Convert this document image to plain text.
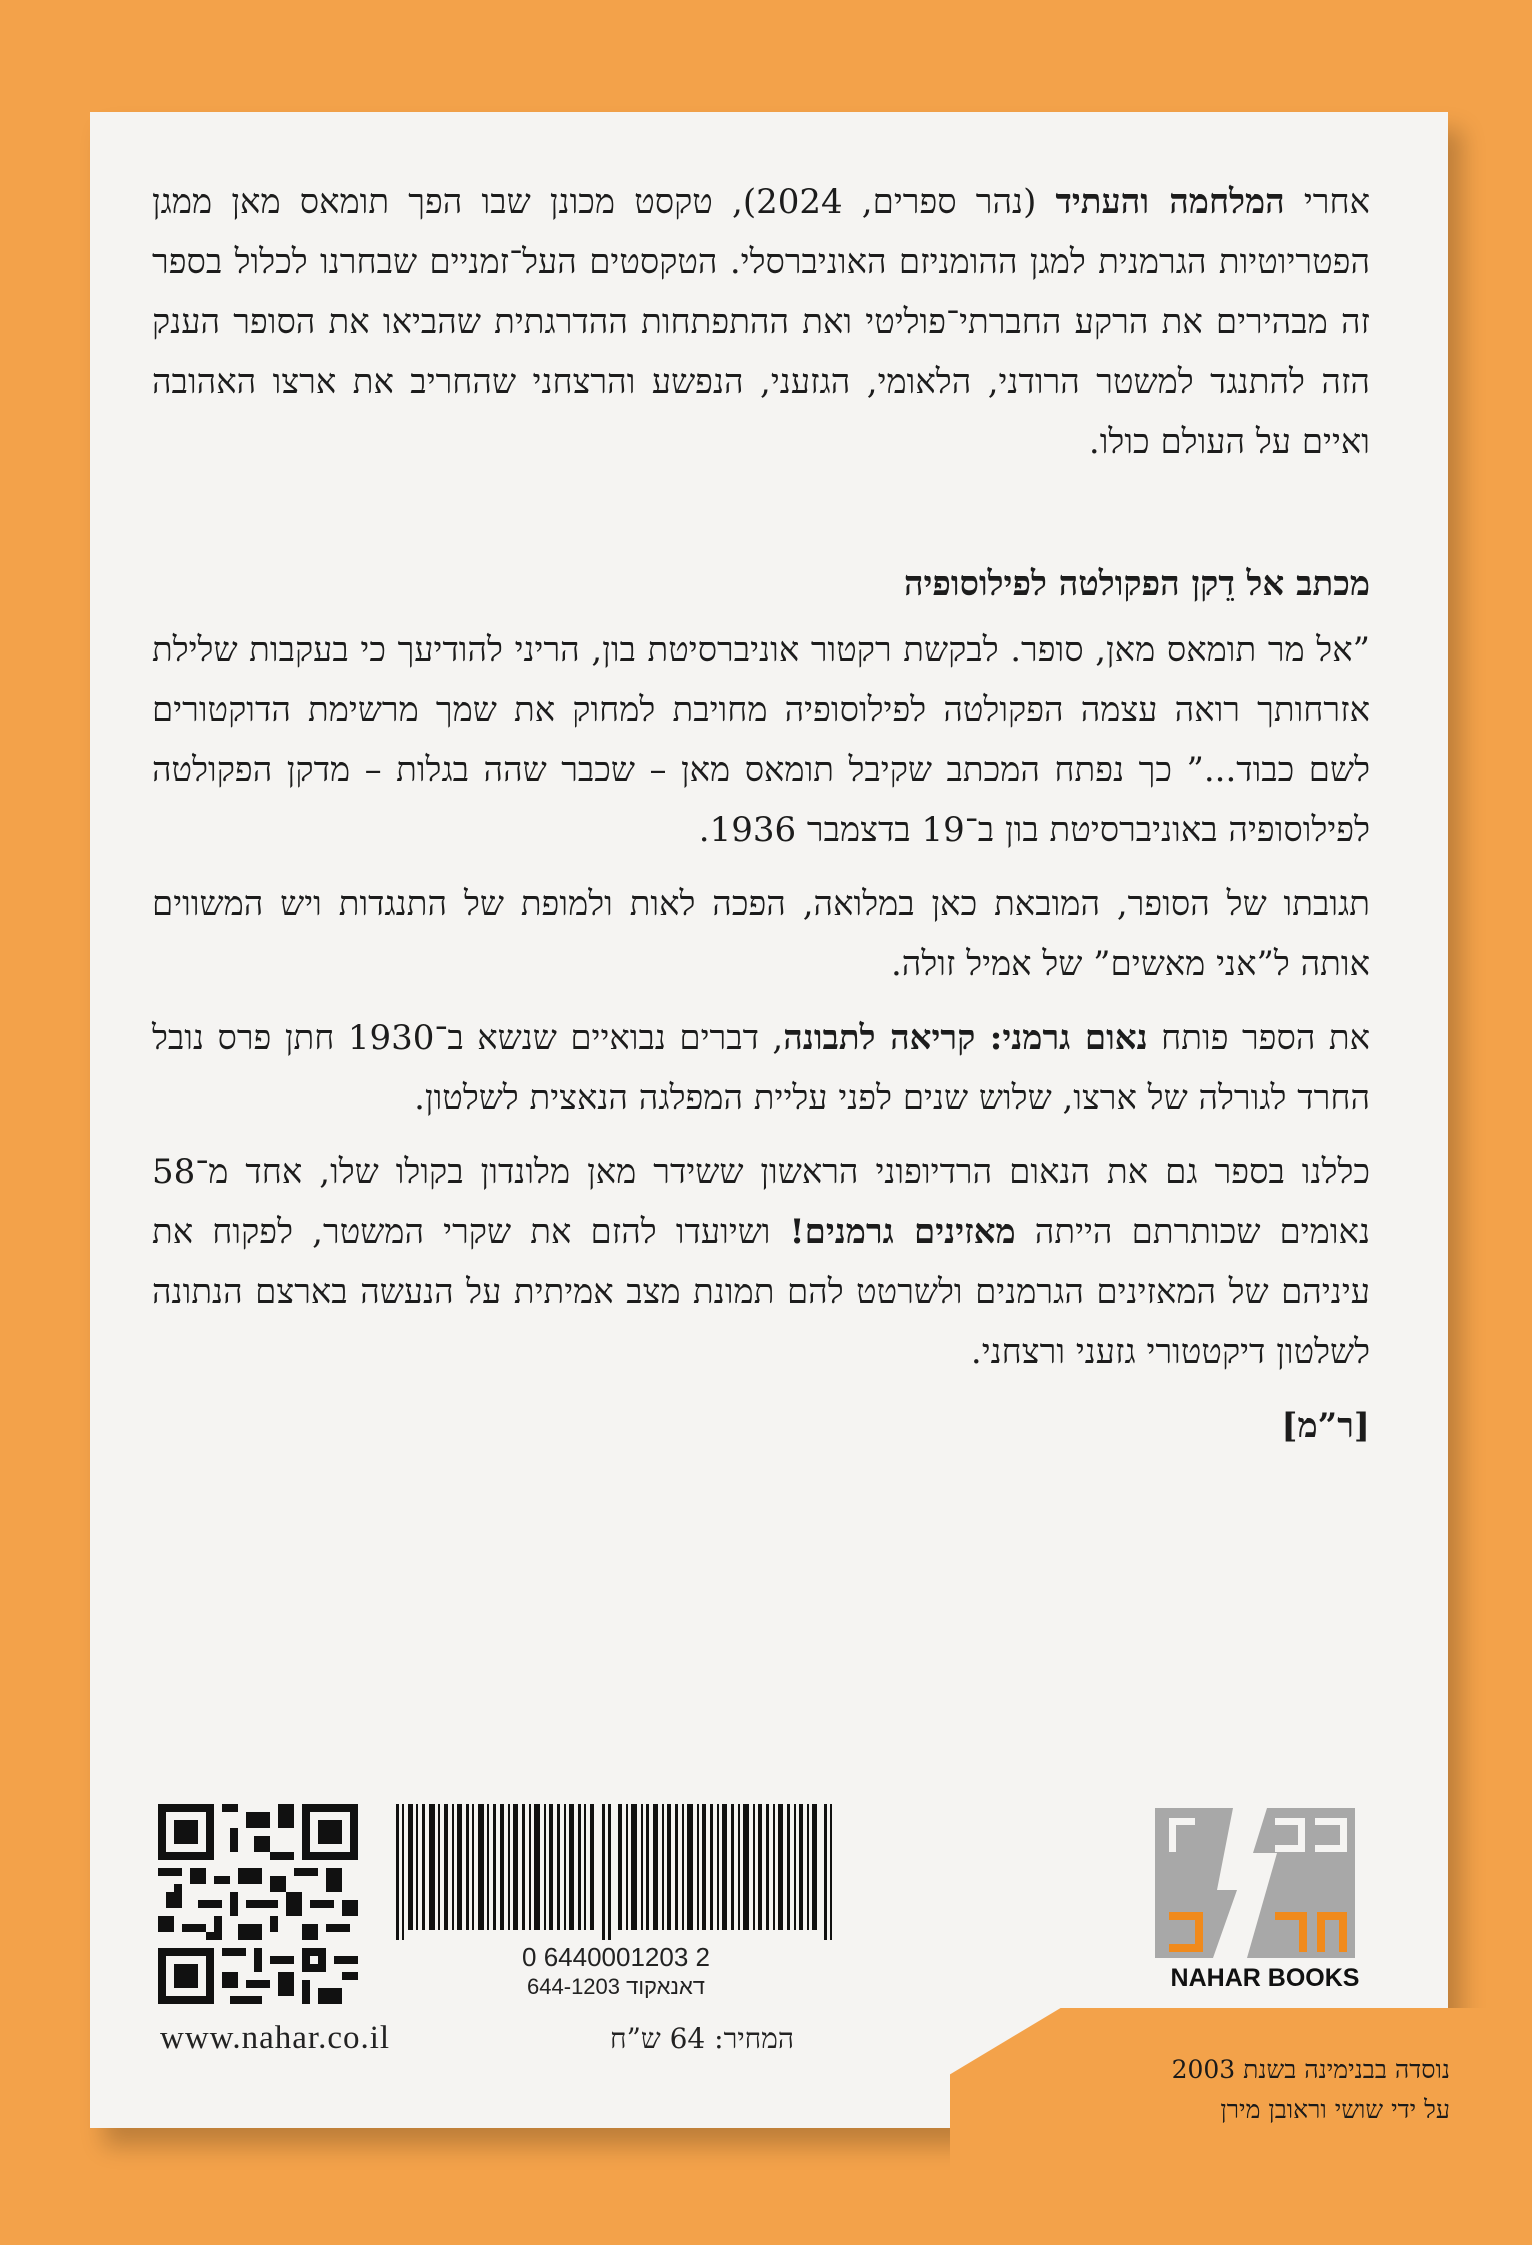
אחרי המלחמה והעתיד (נהר ספרים, 2024), טקסט מכונן שבו הפך תומאס מאן ממגן הפטריוטיות הגרמנית למגן ההומניזם האוניברסלי. הטקסטים העל־זמניים שבחרנו לכלול בספר זה מבהירים את הרקע החברתי־פוליטי ואת ההתפתחות ההדרגתית שהביאו את הסופר הענק הזה להתנגד למשטר הרודני, הלאומי, הגזעני, הנפשע והרצחני שהחריב את ארצו האהובה ואיים על העולם כולו.

מכתב אל דֵקן הפקולטה לפילוסופיה

”אל מר תומאס מאן, סופר. לבקשת רקטור אוניברסיטת בון, הריני להודיעך כי בעקבות שלילת אזרחותך רואה עצמה הפקולטה לפילוסופיה מחויבת למחוק את שמך מרשימת הדוקטורים לשם כבוד...” כך נפתח המכתב שקיבל תומאס מאן – שכבר שהה בגלות – מדקן הפקולטה לפילוסופיה באוניברסיטת בון ב־19 בדצמבר 1936.

תגובתו של הסופר, המובאת כאן במלואה, הפכה לאות ולמופת של התנגדות ויש המשווים אותה ל”אני מאשים” של אמיל זולה.

את הספר פותח נאום גרמני: קריאה לתבונה, דברים נבואיים שנשא ב־1930 חתן פרס נובל החרד לגורלה של ארצו, שלוש שנים לפני עליית המפלגה הנאצית לשלטון.

כללנו בספר גם את הנאום הרדיופוני הראשון ששידר מאן מלונדון בקולו שלו, אחד מ־58 נאומים שכותרתם הייתה מאזינים גרמנים! ושיועדו להזם את שקרי המשטר, לפקוח את עיניהם של המאזינים הגרמנים ולשרטט להם תמונת מצב אמיתית על הנעשה בארצם הנתונה לשלטון דיקטטורי גזעני ורצחני.

[ר”מ]

0 6440001203 2
דאנאקוד 644-1203
www.nahar.co.il	המחיר: 64 ש”ח
NAHAR BOOKS
נוסדה בבנימינה בשנת 2003
על ידי שושי וראובן מירן
